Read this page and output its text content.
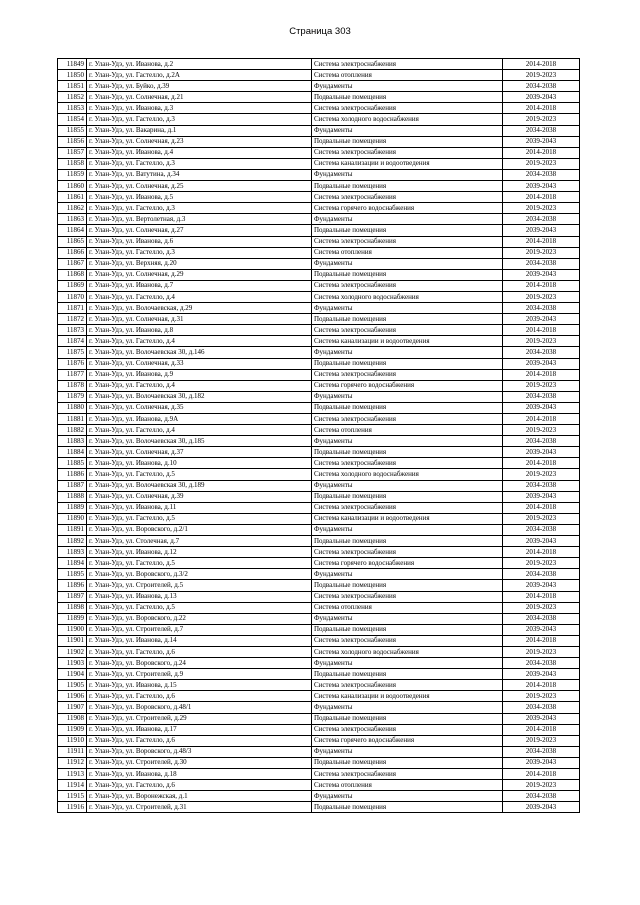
Страница 303
11849	г. Улан-Удэ, ул. Иванова, д.2	Система электроснабжения	2014-2018
11850	г. Улан-Удэ, ул. Гастелло, д.2А	Система отопления	2019-2023
11851	г. Улан-Удэ, ул. Буйко, д.39	Фундаменты	2034-2038
11852	г. Улан-Удэ, ул. Солнечная, д.21	Подвальные помещения	2039-2043
11853	г. Улан-Удэ, ул. Иванова, д.3	Система электроснабжения	2014-2018
11854	г. Улан-Удэ, ул. Гастелло, д.3	Система холодного водоснабжения	2019-2023
11855	г. Улан-Удэ, ул. Вакарина, д.1	Фундаменты	2034-2038
11856	г. Улан-Удэ, ул. Солнечная, д.23	Подвальные помещения	2039-2043
11857	г. Улан-Удэ, ул. Иванова, д.4	Система электроснабжения	2014-2018
11858	г. Улан-Удэ, ул. Гастелло, д.3	Система канализации и водоотведения	2019-2023
11859	г. Улан-Удэ, ул. Ватутина, д.34	Фундаменты	2034-2038
11860	г. Улан-Удэ, ул. Солнечная, д.25	Подвальные помещения	2039-2043
11861	г. Улан-Удэ, ул. Иванова, д.5	Система электроснабжения	2014-2018
11862	г. Улан-Удэ, ул. Гастелло, д.3	Система горячего водоснабжения	2019-2023
11863	г. Улан-Удэ, ул. Вертолетная, д.3	Фундаменты	2034-2038
11864	г. Улан-Удэ, ул. Солнечная, д.27	Подвальные помещения	2039-2043
11865	г. Улан-Удэ, ул. Иванова, д.6	Система электроснабжения	2014-2018
11866	г. Улан-Удэ, ул. Гастелло, д.3	Система отопления	2019-2023
11867	г. Улан-Удэ, ул. Верхняя, д.20	Фундаменты	2034-2038
11868	г. Улан-Удэ, ул. Солнечная, д.29	Подвальные помещения	2039-2043
11869	г. Улан-Удэ, ул. Иванова, д.7	Система электроснабжения	2014-2018
11870	г. Улан-Удэ, ул. Гастелло, д.4	Система холодного водоснабжения	2019-2023
11871	г. Улан-Удэ, ул. Волочаевская, д.29	Фундаменты	2034-2038
11872	г. Улан-Удэ, ул. Солнечная, д.31	Подвальные помещения	2039-2043
11873	г. Улан-Удэ, ул. Иванова, д.8	Система электроснабжения	2014-2018
11874	г. Улан-Удэ, ул. Гастелло, д.4	Система канализации и водоотведения	2019-2023
11875	г. Улан-Удэ, ул. Волочаевская 30, д.146	Фундаменты	2034-2038
11876	г. Улан-Удэ, ул. Солнечная, д.33	Подвальные помещения	2039-2043
11877	г. Улан-Удэ, ул. Иванова, д.9	Система электроснабжения	2014-2018
11878	г. Улан-Удэ, ул. Гастелло, д.4	Система горячего водоснабжения	2019-2023
11879	г. Улан-Удэ, ул. Волочаевская 30, д.182	Фундаменты	2034-2038
11880	г. Улан-Удэ, ул. Солнечная, д.35	Подвальные помещения	2039-2043
11881	г. Улан-Удэ, ул. Иванова, д.9А	Система электроснабжения	2014-2018
11882	г. Улан-Удэ, ул. Гастелло, д.4	Система отопления	2019-2023
11883	г. Улан-Удэ, ул. Волочаевская 30, д.185	Фундаменты	2034-2038
11884	г. Улан-Удэ, ул. Солнечная, д.37	Подвальные помещения	2039-2043
11885	г. Улан-Удэ, ул. Иванова, д.10	Система электроснабжения	2014-2018
11886	г. Улан-Удэ, ул. Гастелло, д.5	Система холодного водоснабжения	2019-2023
11887	г. Улан-Удэ, ул. Волочаевская 30, д.189	Фундаменты	2034-2038
11888	г. Улан-Удэ, ул. Солнечная, д.39	Подвальные помещения	2039-2043
11889	г. Улан-Удэ, ул. Иванова, д.11	Система электроснабжения	2014-2018
11890	г. Улан-Удэ, ул. Гастелло, д.5	Система канализации и водоотведения	2019-2023
11891	г. Улан-Удэ, ул. Воровского, д.2/1	Фундаменты	2034-2038
11892	г. Улан-Удэ, ул. Столечная, д.7	Подвальные помещения	2039-2043
11893	г. Улан-Удэ, ул. Иванова, д.12	Система электроснабжения	2014-2018
11894	г. Улан-Удэ, ул. Гастелло, д.5	Система горячего водоснабжения	2019-2023
11895	г. Улан-Удэ, ул. Воровского, д.3/2	Фундаменты	2034-2038
11896	г. Улан-Удэ, ул. Строителей, д.5	Подвальные помещения	2039-2043
11897	г. Улан-Удэ, ул. Иванова, д.13	Система электроснабжения	2014-2018
11898	г. Улан-Удэ, ул. Гастелло, д.5	Система отопления	2019-2023
11899	г. Улан-Удэ, ул. Воровского, д.22	Фундаменты	2034-2038
11900	г. Улан-Удэ, ул. Строителей, д.7	Подвальные помещения	2039-2043
11901	г. Улан-Удэ, ул. Иванова, д.14	Система электроснабжения	2014-2018
11902	г. Улан-Удэ, ул. Гастелло, д.6	Система холодного водоснабжения	2019-2023
11903	г. Улан-Удэ, ул. Воровского, д.24	Фундаменты	2034-2038
11904	г. Улан-Удэ, ул. Строителей, д.9	Подвальные помещения	2039-2043
11905	г. Улан-Удэ, ул. Иванова, д.15	Система электроснабжения	2014-2018
11906	г. Улан-Удэ, ул. Гастелло, д.6	Система канализации и водоотведения	2019-2023
11907	г. Улан-Удэ, ул. Воровского, д.48/1	Фундаменты	2034-2038
11908	г. Улан-Удэ, ул. Строителей, д.29	Подвальные помещения	2039-2043
11909	г. Улан-Удэ, ул. Иванова, д.17	Система электроснабжения	2014-2018
11910	г. Улан-Удэ, ул. Гастелло, д.6	Система горячего водоснабжения	2019-2023
11911	г. Улан-Удэ, ул. Воровского, д.48/3	Фундаменты	2034-2038
11912	г. Улан-Удэ, ул. Строителей, д.30	Подвальные помещения	2039-2043
11913	г. Улан-Удэ, ул. Иванова, д.18	Система электроснабжения	2014-2018
11914	г. Улан-Удэ, ул. Гастелло, д.6	Система отопления	2019-2023
11915	г. Улан-Удэ, ул. Воронежская, д.1	Фундаменты	2034-2038
11916	г. Улан-Удэ, ул. Строителей, д.31	Подвальные помещения	2039-2043
